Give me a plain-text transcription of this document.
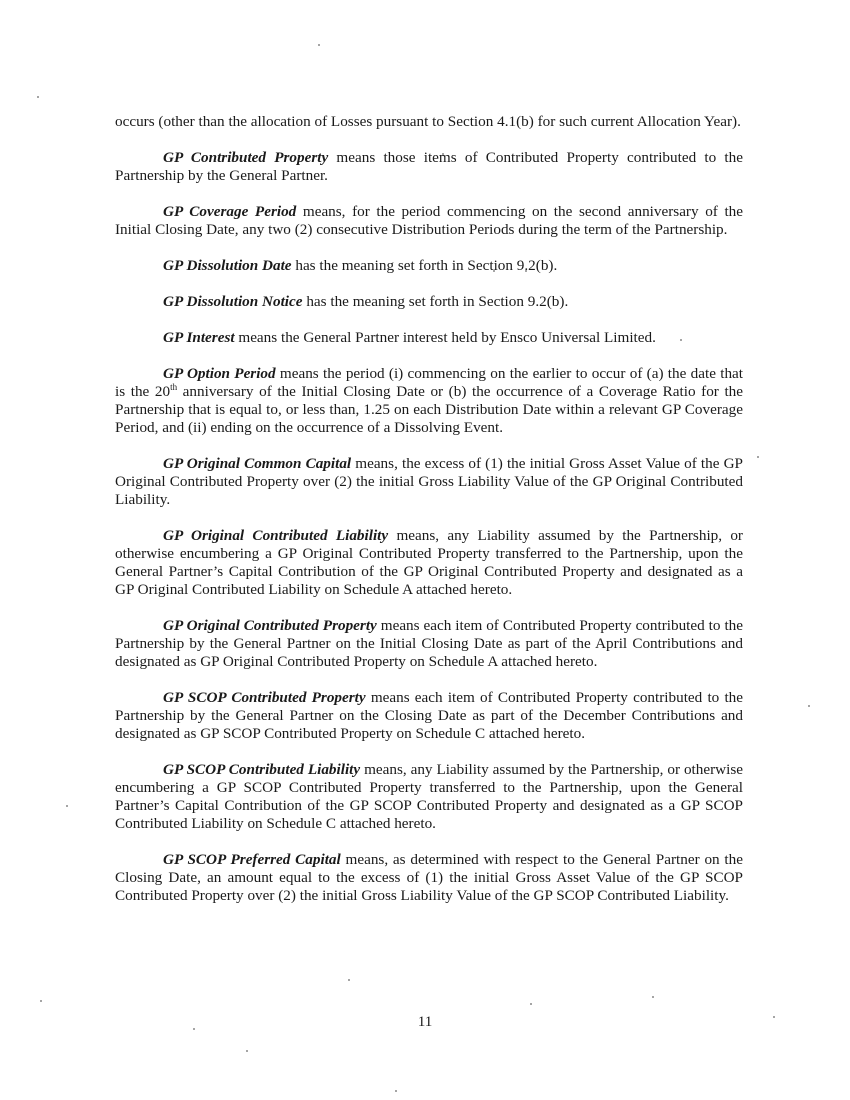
occurs (other than the allocation of Losses pursuant to Section 4.1(b) for such current Allocation Year).

GP Contributed Property means those items of Contributed Property contributed to the Partnership by the General Partner.

GP Coverage Period means, for the period commencing on the second anniversary of the Initial Closing Date, any two (2) consecutive Distribution Periods during the term of the Partnership.

GP Dissolution Date has the meaning set forth in Section 9.2(b).

GP Dissolution Notice has the meaning set forth in Section 9.2(b).

GP Interest means the General Partner interest held by Ensco Universal Limited.

GP Option Period means the period (i) commencing on the earlier to occur of (a) the date that is the 20th anniversary of the Initial Closing Date or (b) the occurrence of a Coverage Ratio for the Partnership that is equal to, or less than, 1.25 on each Distribution Date within a relevant GP Coverage Period, and (ii) ending on the occurrence of a Dissolving Event.

GP Original Common Capital means, the excess of (1) the initial Gross Asset Value of the GP Original Contributed Property over (2) the initial Gross Liability Value of the GP Original Contributed Liability.

GP Original Contributed Liability means, any Liability assumed by the Partnership, or otherwise encumbering a GP Original Contributed Property transferred to the Partnership, upon the General Partner’s Capital Contribution of the GP Original Contributed Property and designated as a GP Original Contributed Liability on Schedule A attached hereto.

GP Original Contributed Property means each item of Contributed Property contributed to the Partnership by the General Partner on the Initial Closing Date as part of the April Contributions and designated as GP Original Contributed Property on Schedule A attached hereto.

GP SCOP Contributed Property means each item of Contributed Property contributed to the Partnership by the General Partner on the Closing Date as part of the December Contributions and designated as GP SCOP Contributed Property on Schedule C attached hereto.

GP SCOP Contributed Liability means, any Liability assumed by the Partnership, or otherwise encumbering a GP SCOP Contributed Property transferred to the Partnership, upon the General Partner’s Capital Contribution of the GP SCOP Contributed Property and designated as a GP SCOP Contributed Liability on Schedule C attached hereto.

GP SCOP Preferred Capital means, as determined with respect to the General Partner on the Closing Date, an amount equal to the excess of (1) the initial Gross Asset Value of the GP SCOP Contributed Property over (2) the initial Gross Liability Value of the GP SCOP Contributed Liability.

11
